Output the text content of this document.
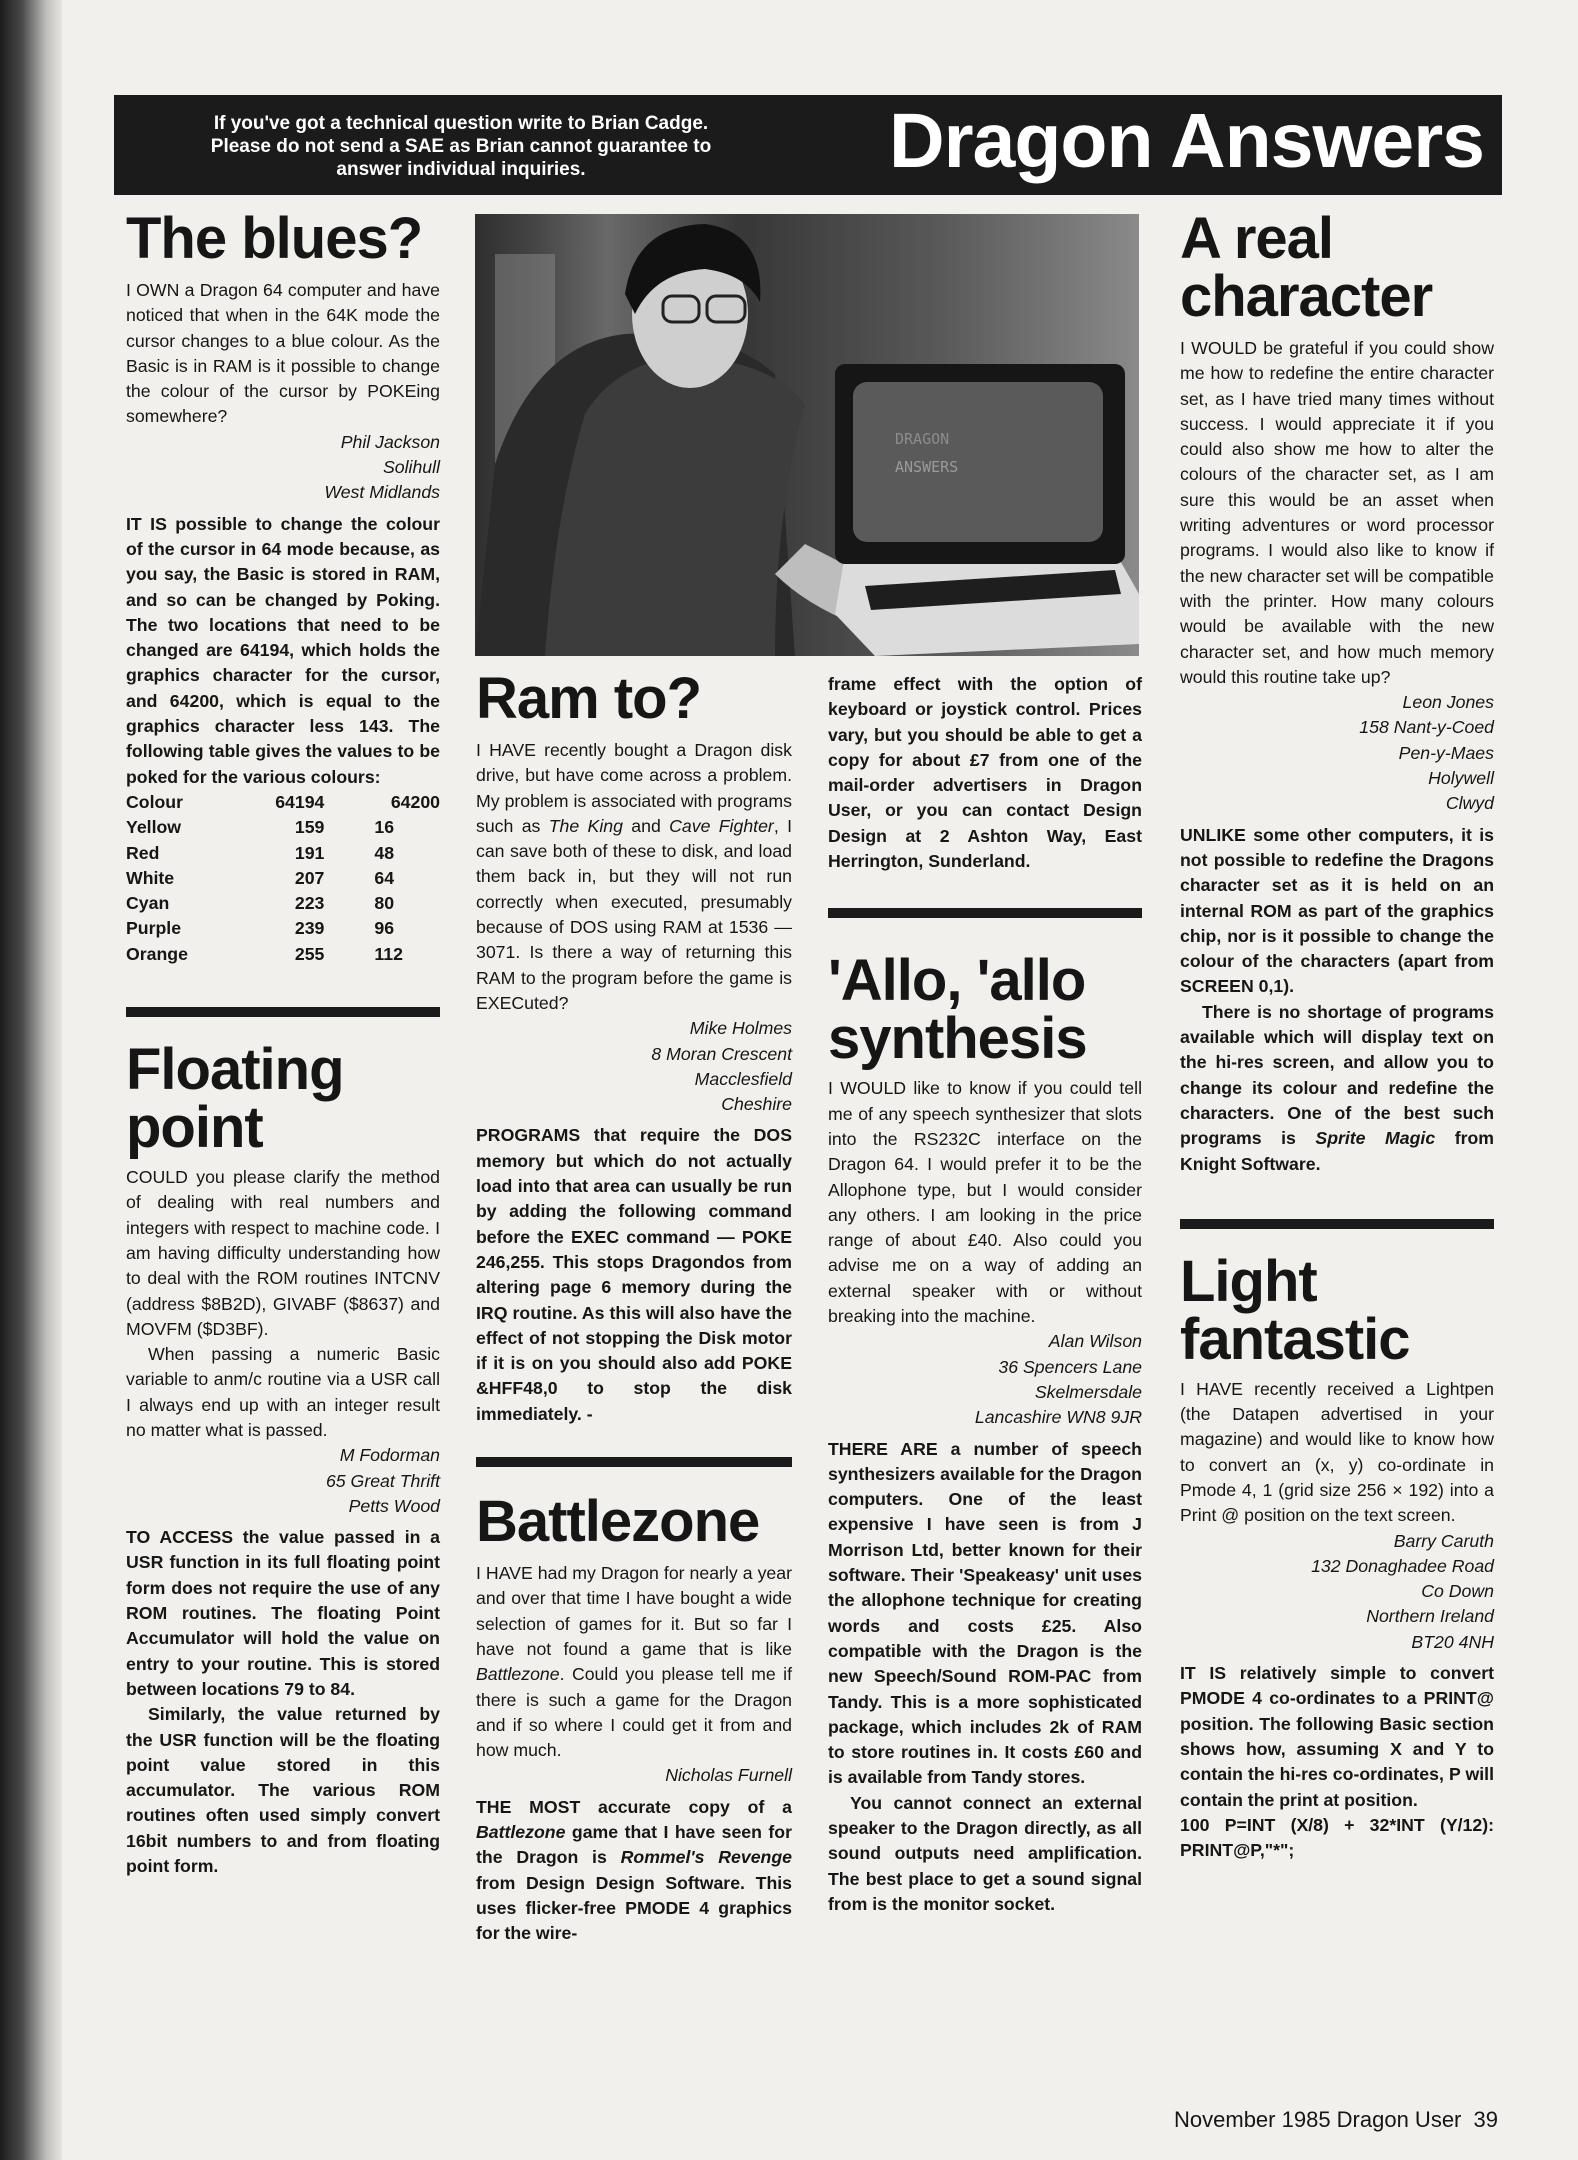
If you've got a technical question write to Brian Cadge.
Please do not send a SAE as Brian cannot guarantee to
answer individual inquiries.	Dragon Answers
The blues?

I OWN a Dragon 64 computer and have noticed that when in the 64K mode the cursor changes to a blue colour. As the Basic is in RAM is it possible to change the colour of the cursor by POKEing somewhere?

Phil Jackson
Solihull
West Midlands

IT IS possible to change the colour of the cursor in 64 mode because, as you say, the Basic is stored in RAM, and so can be changed by Poking. The two locations that need to be changed are 64194, which holds the graphics character for the cursor, and 64200, which is equal to the graphics character less 143. The following table gives the values to be poked for the various colours:

Colour	64194	64200
Yellow	159	16
Red	191	48
White	207	64
Cyan	223	80
Purple	239	96
Orange	255	112
Floating
point

COULD you please clarify the method of dealing with real numbers and integers with respect to machine code. I am having difficulty understanding how to deal with the ROM routines INTCNV (address $8B2D), GIVABF ($8637) and MOVFM ($D3BF).

When passing a numeric Basic variable to anm/c routine via a USR call I always end up with an integer result no matter what is passed.

M Fodorman
65 Great Thrift
Petts Wood

TO ACCESS the value passed in a USR function in its full floating point form does not require the use of any ROM routines. The floating Point Accumulator will hold the value on entry to your routine. This is stored between locations 79 to 84.

Similarly, the value returned by the USR function will be the floating point value stored in this accumulator. The various ROM routines often used simply convert 16bit numbers to and from floating point form.

DRAGON
ANSWERS
Ram to?

I HAVE recently bought a Dragon disk drive, but have come across a problem. My problem is associated with programs such as The King and Cave Fighter, I can save both of these to disk, and load them back in, but they will not run correctly when executed, presumably because of DOS using RAM at 1536 — 3071. Is there a way of returning this RAM to the program before the game is EXECuted?

Mike Holmes
8 Moran Crescent
Macclesfield
Cheshire

PROGRAMS that require the DOS memory but which do not actually load into that area can usually be run by adding the following command before the EXEC command — POKE 246,255. This stops Dragondos from altering page 6 memory during the IRQ routine. As this will also have the effect of not stopping the Disk motor if it is on you should also add POKE &HFF48,0 to stop the disk immediately. -

Battlezone

I HAVE had my Dragon for nearly a year and over that time I have bought a wide selection of games for it. But so far I have not found a game that is like Battlezone. Could you please tell me if there is such a game for the Dragon and if so where I could get it from and how much.

Nicholas Furnell

THE MOST accurate copy of a Battlezone game that I have seen for the Dragon is Rommel's Revenge from Design Design Software. This uses flicker-free PMODE 4 graphics for the wire-

frame effect with the option of keyboard or joystick control. Prices vary, but you should be able to get a copy for about £7 from one of the mail-order advertisers in Dragon User, or you can contact Design Design at 2 Ashton Way, East Herrington, Sunderland.

'Allo, 'allo
synthesis

I WOULD like to know if you could tell me of any speech synthesizer that slots into the RS232C interface on the Dragon 64. I would prefer it to be the Allophone type, but I would consider any others. I am looking in the price range of about £40. Also could you advise me on a way of adding an external speaker with or without breaking into the machine.

Alan Wilson
36 Spencers Lane
Skelmersdale
Lancashire WN8 9JR

THERE ARE a number of speech synthesizers available for the Dragon computers. One of the least expensive I have seen is from J Morrison Ltd, better known for their software. Their 'Speakeasy' unit uses the allophone technique for creating words and costs £25. Also compatible with the Dragon is the new Speech/Sound ROM-PAC from Tandy. This is a more sophisticated package, which includes 2k of RAM to store routines in. It costs £60 and is available from Tandy stores.

You cannot connect an external speaker to the Dragon directly, as all sound outputs need amplification. The best place to get a sound signal from is the monitor socket.

A real
character

I WOULD be grateful if you could show me how to redefine the entire character set, as I have tried many times without success. I would appreciate it if you could also show me how to alter the colours of the character set, as I am sure this would be an asset when writing adventures or word processor programs. I would also like to know if the new character set will be compatible with the printer. How many colours would be available with the new character set, and how much memory would this routine take up?

Leon Jones
158 Nant-y-Coed
Pen-y-Maes
Holywell
Clwyd

UNLIKE some other computers, it is not possible to redefine the Dragons character set as it is held on an internal ROM as part of the graphics chip, nor is it possible to change the colour of the characters (apart from SCREEN 0,1).

There is no shortage of programs available which will display text on the hi-res screen, and allow you to change its colour and redefine the characters. One of the best such programs is Sprite Magic from Knight Software.

Light
fantastic

I HAVE recently received a Lightpen (the Datapen advertised in your magazine) and would like to know how to convert an (x, y) co-ordinate in Pmode 4, 1 (grid size 256 × 192) into a Print @ position on the text screen.

Barry Caruth
132 Donaghadee Road
Co Down
Northern Ireland
BT20 4NH

IT IS relatively simple to convert PMODE 4 co-ordinates to a PRINT@ position. The following Basic section shows how, assuming X and Y to contain the hi-res co-ordinates, P will contain the print at position.

100 P=INT (X/8) + 32*INT (Y/12): PRINT@P,"*";

November 1985 Dragon User 39
